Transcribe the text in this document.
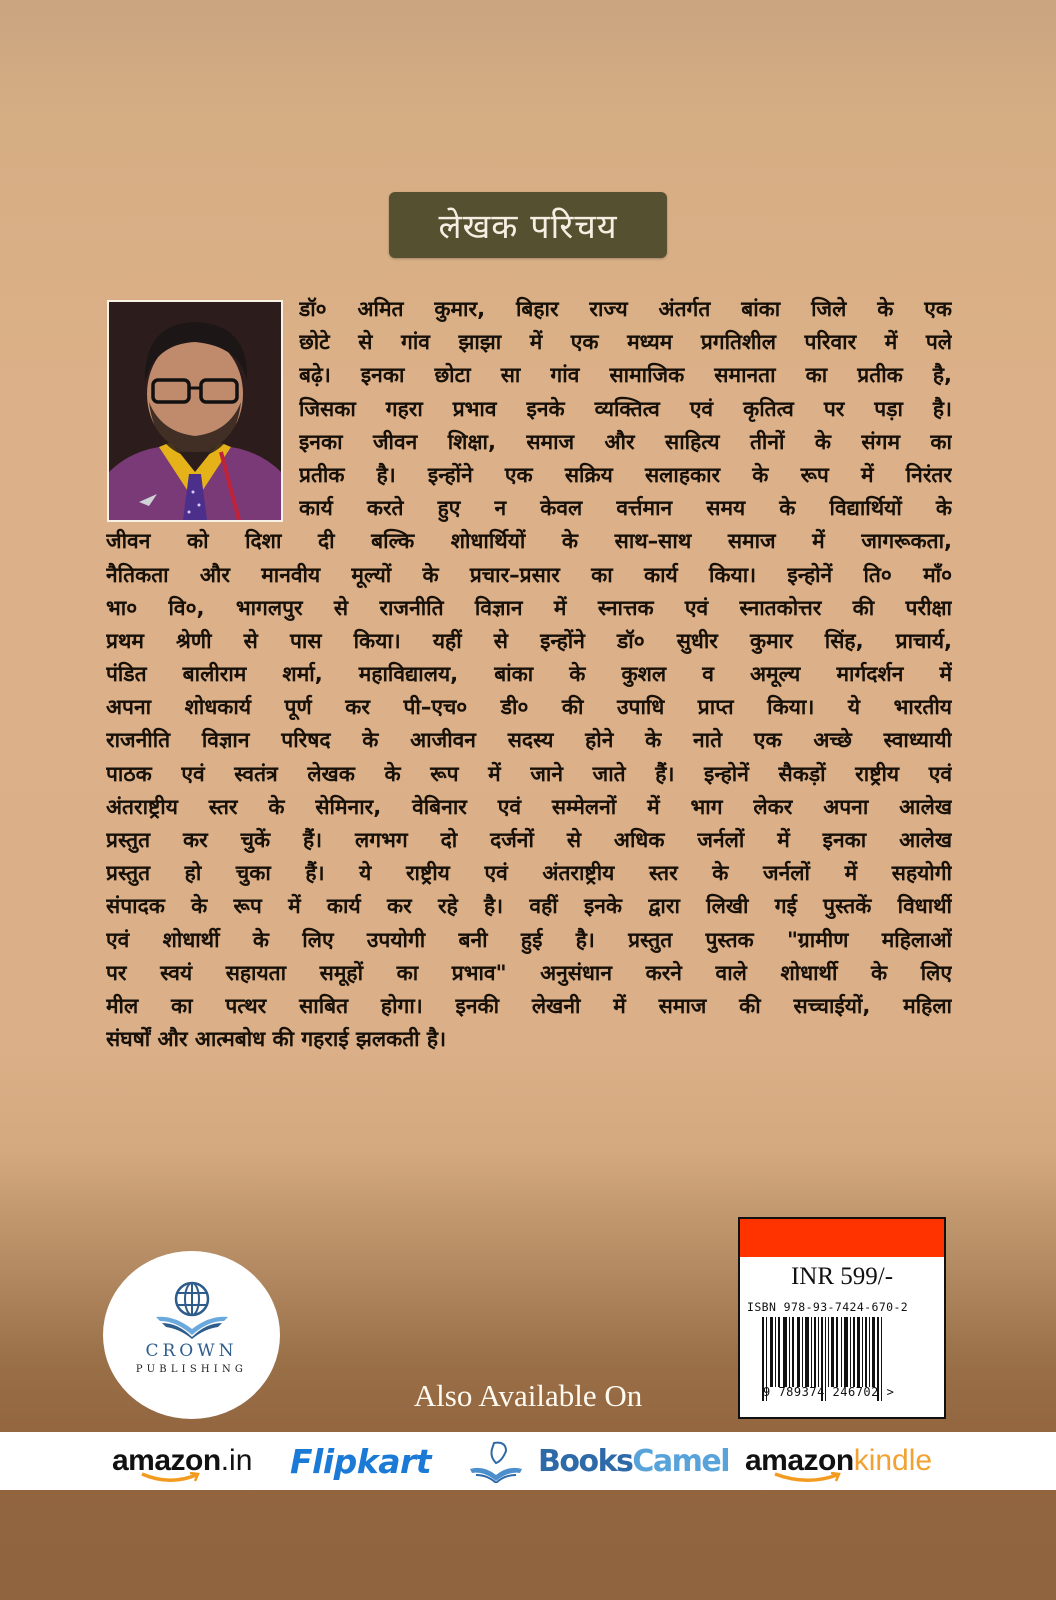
लेखक परिचय
डॉ० अमित कुमार, बिहार राज्य अंतर्गत बांका जिले के एक
छोटे से गांव झाझा में एक मध्यम प्रगतिशील परिवार में पले
बढ़े। इनका छोटा सा गांव सामाजिक समानता का प्रतीक है,
जिसका गहरा प्रभाव इनके व्यक्तित्व एवं कृतित्व पर पड़ा है।
इनका जीवन शिक्षा, समाज और साहित्य तीनों के संगम का
प्रतीक है। इन्होंने एक सक्रिय सलाहकार के रूप में निरंतर
कार्य करते हुए न केवल वर्त्तमान समय के विद्यार्थियों के
जीवन को दिशा दी बल्कि शोधार्थियों के साथ–साथ समाज में जागरूकता,
नैतिकता और मानवीय मूल्यों के प्रचार–प्रसार का कार्य किया। इन्होनें ति० माँ०
भा० वि०, भागलपुर से राजनीति विज्ञान में स्नात्तक एवं स्नातकोत्तर की परीक्षा
प्रथम श्रेणी से पास किया। यहीं से इन्होंने डॉ० सुधीर कुमार सिंह, प्राचार्य,
पंडित बालीराम शर्मा, महाविद्यालय, बांका के कुशल व अमूल्य मार्गदर्शन में
अपना शोधकार्य पूर्ण कर पी–एच० डी० की उपाधि प्राप्त किया। ये भारतीय
राजनीति विज्ञान परिषद के आजीवन सदस्य होने के नाते एक अच्छे स्वाध्यायी
पाठक एवं स्वतंत्र लेखक के रूप में जाने जाते हैं। इन्होनें सैकड़ों राष्ट्रीय एवं
अंतराष्ट्रीय स्तर के सेमिनार, वेबिनार एवं सम्मेलनों में भाग लेकर अपना आलेख
प्रस्तुत कर चुकें हैं। लगभग दो दर्जनों से अधिक जर्नलों में इनका आलेख
प्रस्तुत हो चुका हैं। ये राष्ट्रीय एवं अंतराष्ट्रीय स्तर के जर्नलों में सहयोगी
संपादक के रूप में कार्य कर रहे है। वहीं इनके द्वारा लिखी गई पुस्तकें विधार्थी
एवं शोधार्थी के लिए उपयोगी बनी हुई है। प्रस्तुत पुस्तक "ग्रामीण महिलाओं
पर स्वयं सहायता समूहों का प्रभाव" अनुसंधान करने वाले शोधार्थी के लिए
मील का पत्थर साबित होगा। इनकी लेखनी में समाज की सच्चाईयों, महिला
संघर्षों और आत्मबोध की गहराई झलकती है।
CROWN
PUBLISHING
Also Available On
INR 599/-
ISBN 978-93-7424-670-2
9 789374 246702 >
amazon .in Flipkart	Books Camel amazon kindle
